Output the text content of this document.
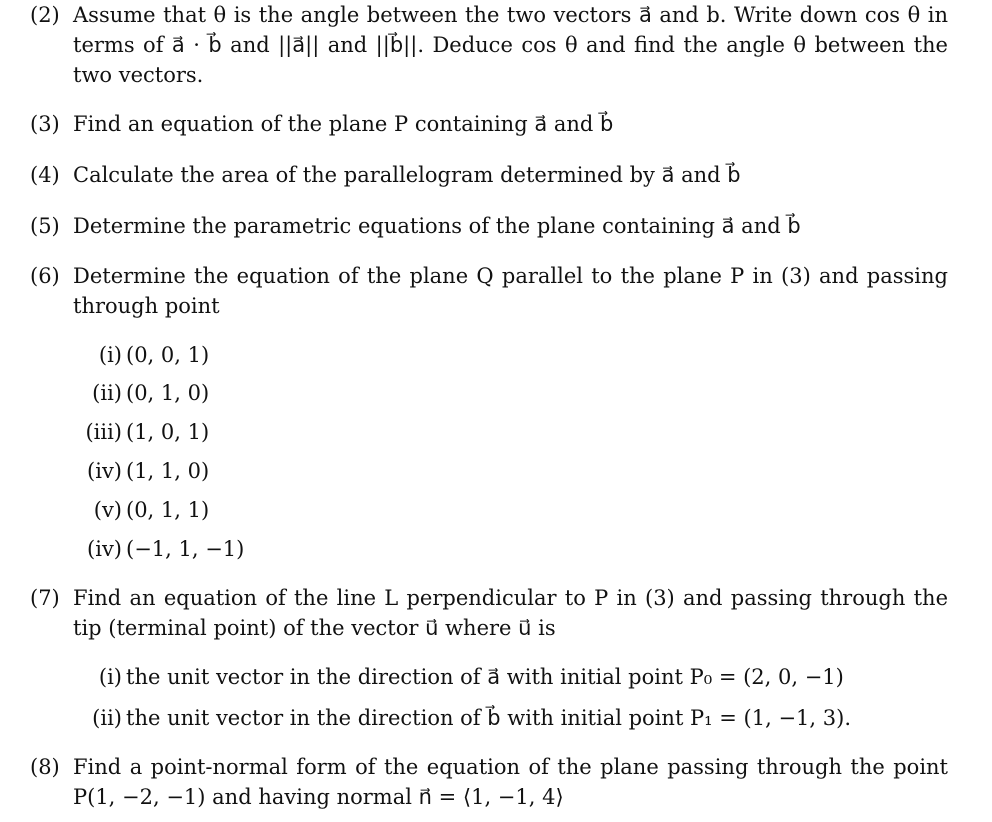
(2) Assume that θ is the angle between the two vectors a⃗ and b. Write down cos θ in terms of a⃗ · b⃗ and ||a⃗|| and ||b⃗||. Deduce cos θ and find the angle θ between the two vectors.
(3) Find an equation of the plane P containing a⃗ and b⃗
(4) Calculate the area of the parallelogram determined by a⃗ and b⃗
(5) Determine the parametric equations of the plane containing a⃗ and b⃗
(6) Determine the equation of the plane Q parallel to the plane P in (3) and passing through point
(i) (0, 0, 1)
(ii) (0, 1, 0)
(iii) (1, 0, 1)
(iv) (1, 1, 0)
(v) (0, 1, 1)
(iv) (−1, 1, −1)
(7) Find an equation of the line L perpendicular to P in (3) and passing through the tip (terminal point) of the vector u⃗ where u⃗ is
(i) the unit vector in the direction of a⃗ with initial point P₀ = (2, 0, −1)
(ii) the unit vector in the direction of b⃗ with initial point P₁ = (1, −1, 3).
(8) Find a point-normal form of the equation of the plane passing through the point P(1, −2, −1) and having normal n⃗ = ⟨1, −1, 4⟩
